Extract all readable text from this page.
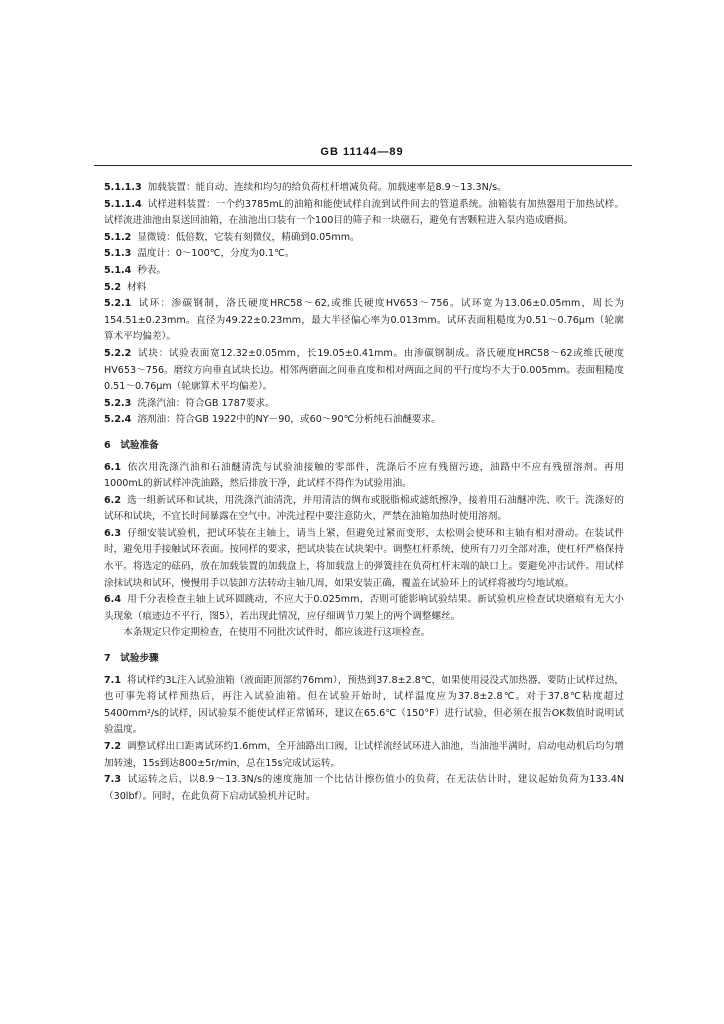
GB 11144—89

5.1.1.3 加载装置：能自动、连续和均匀的给负荷杠杆增减负荷。加载速率是8.9～13.3N/s。

5.1.1.4 试样进料装置：一个约3785mL的油箱和能使试样自流到试件间去的管道系统。油箱装有加热器用于加热试样。试样流进油池由泵送回油箱，在油池出口装有一个100目的筛子和一块磁石，避免有害颗粒进入泵内造成磨损。

5.1.2 显微镜：低倍数，它装有刻微仪，精确到0.05mm。

5.1.3 温度计：0～100℃，分度为0.1℃。

5.1.4 秒表。

5.2 材料

5.2.1 试环：渗碳钢制，洛氏硬度HRC58～62,或维氏硬度HV653～756。试环宽为13.06±0.05mm，周长为154.51±0.23mm。直径为49.22±0.23mm，最大半径偏心率为0.013mm。试环表面粗糙度为0.51～0.76μm（轮廓算术平均偏差）。

5.2.2 试块：试验表面宽12.32±0.05mm，长19.05±0.41mm。由渗碳钢制成。洛氏硬度HRC58～62或维氏硬度HV653～756。磨纹方向垂直试块长边。相邻两磨面之间垂直度和相对两面之间的平行度均不大于0.005mm。表面粗糙度0.51～0.76μm（轮廓算术平均偏差）。

5.2.3 洗涤汽油：符合GB 1787要求。

5.2.4 溶剂油：符合GB 1922中的NY－90，或60～90℃分析纯石油醚要求。

6　试验准备

6.1 依次用洗涤汽油和石油醚清洗与试验油接触的零部件，洗涤后不应有残留污迹，油路中不应有残留溶剂。再用1000mL的新试样冲洗油路，然后排放干净，此试样不得作为试验用油。

6.2 选一组新试环和试块，用洗涤汽油清洗，并用清洁的绸布或脱脂棉或滤纸擦净，接着用石油醚冲洗、吹干。洗涤好的试环和试块，不宜长时间暴露在空气中。冲洗过程中要注意防火，严禁在油箱加热时使用溶剂。

6.3 仔细安装试验机，把试环装在主轴上，请当上紧，但避免过紧而变形，太松则会使环和主轴有相对滑动。在装试件时，避免用手接触试环表面。按同样的要求，把试块装在试块架中。调整杠杆系统，使所有刀刃全部对准，使杠杆严格保持水平。将选定的砝码，放在加载装置的加载盘上，将加载盘上的弹簧挂在负荷杠杆末端的缺口上。要避免冲击试件。用试样涂抹试块和试环，慢慢用手以装卸方法转动主轴几周，如果安装正确，覆盖在试验环上的试样将被均匀地试痕。

6.4 用千分表检查主轴上试环圆跳动，不应大于0.025mm，否则可能影响试验结果。新试验机应检查试块磨痕有无大小头现象（痕迹边不平行，图5），若出现此情况，应仔细调节刀架上的两个调整螺丝。

本条规定只作定期检查，在使用不同批次试件时，都应该进行这项检查。

7　试验步骤

7.1 将试样约3L注入试验油箱（液面距顶部约76mm），预热到37.8±2.8℃，如果使用浸没式加热器，要防止试样过热，也可事先将试样预热后，再注入试验油箱。但在试验开始时，试样温度应为37.8±2.8℃。对于37.8℃粘度超过5400mm²/s的试样，因试验泵不能使试样正常循环，建议在65.6℃（150°F）进行试验，但必须在报告OK数值时说明试验温度。

7.2 调整试样出口距离试环约1.6mm，全开油路出口阀，让试样流经试环进入油池，当油池半满时，启动电动机后均匀增加转速，15s到达800±5r/min，总在15s完成试运转。

7.3 试运转之后，以8.9～13.3N/s的速度施加一个比估计擦伤值小的负荷，在无法估计时，建议起始负荷为133.4N（30lbf）。同时，在此负荷下启动试验机并记时。
